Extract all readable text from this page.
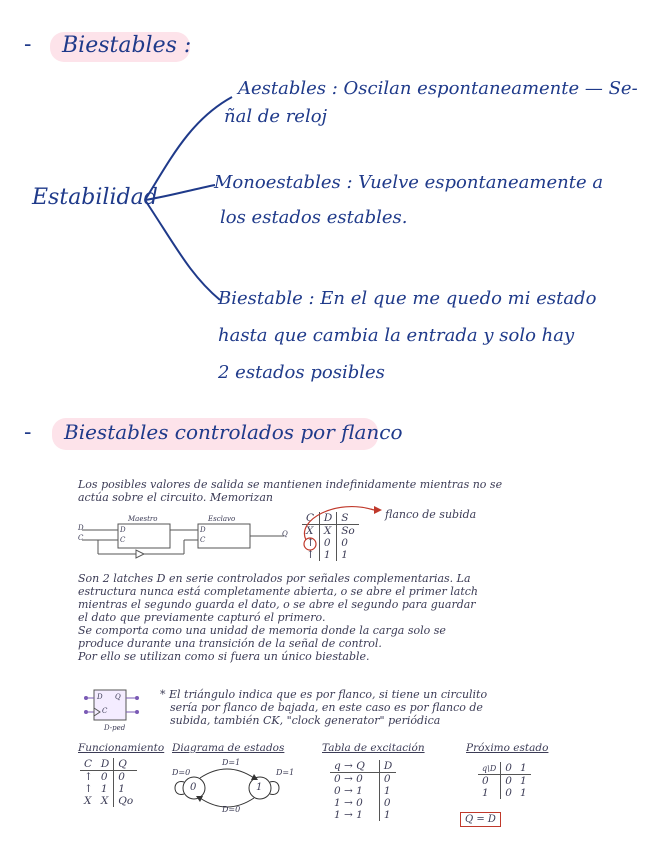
- Biestables :
Estabilidad
Aestables : Oscilan espontaneamente — Se-
ñal de reloj
Monoestables : Vuelve espontaneamente a
los estados estables.
Biestable : En el que me quedo mi estado
hasta que cambia la entrada y solo hay
2 estados posibles
- Biestables controlados por flanco
Los posibles valores de salida se mantienen indefinidamente mientras no se
actúa sobre el circuito. Memorizan
Maestro	Esclavo
D
C
D
C
D
C
Q
C	D	S
X	X	So
↑	0	0
↑	1	1
flanco de subida
Son 2 latches D en serie controlados por señales complementarias. La
estructura nunca está completamente abierta, o se abre el primer latch
mientras el segundo guarda el dato, o se abre el segundo para guardar
el dato que previamente capturó el primero.
Se comporta como una unidad de memoria donde la carga solo se
produce durante una transición de la señal de control.
Por ello se utilizan como si fuera un único biestable.
D Q
C
D-ped
* El triángulo indica que es por flanco, si tiene un circulito
sería por flanco de bajada, en este caso es por flanco de
subida, también CK, "clock generator" periódica
Funcionamiento
C	D	Q
↑	0	0
↑	1	1
X	X	Qo
Diagrama de estados
0	1
D=0
D=1
D=1
D=0
Tabla de excitación
q → Q	D
0 → 0	0
0 → 1	1
1 → 0	0
1 → 1	1
Próximo estado
q\D	0	1
0	0	1
1	0	1
Q = D
